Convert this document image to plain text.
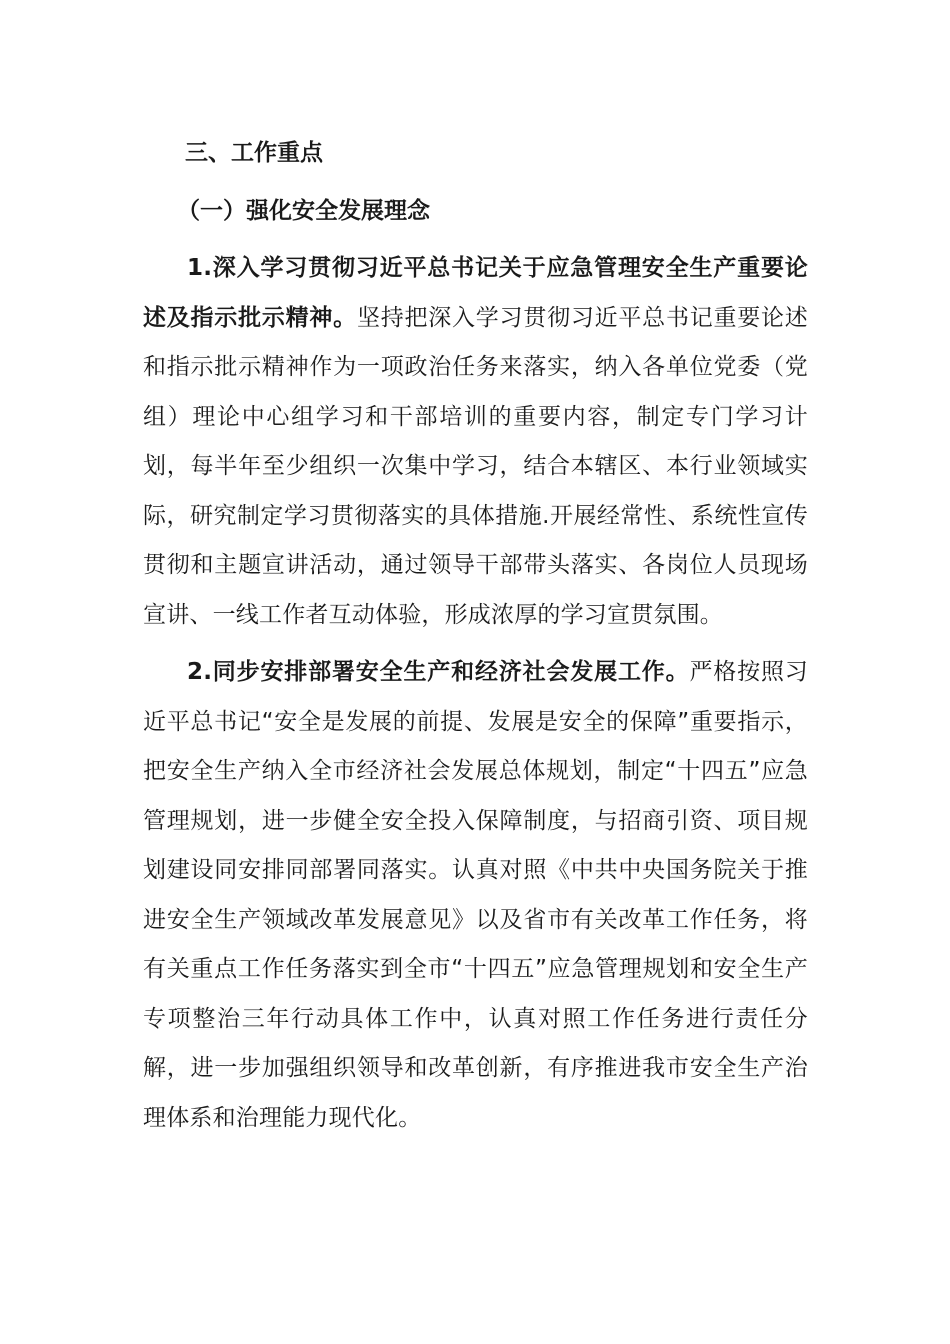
三、工作重点
（一）强化安全发展理念

1.深入学习贯彻习近平总书记关于应急管理安全生产重要论述及指示批示精神。坚持把深入学习贯彻习近平总书记重要论述和指示批示精神作为一项政治任务来落实，纳入各单位党委（党组）理论中心组学习和干部培训的重要内容，制定专门学习计划，每半年至少组织一次集中学习，结合本辖区、本行业领域实际，研究制定学习贯彻落实的具体措施.开展经常性、系统性宣传贯彻和主题宣讲活动，通过领导干部带头落实、各岗位人员现场宣讲、一线工作者互动体验，形成浓厚的学习宣贯氛围。

2.同步安排部署安全生产和经济社会发展工作。严格按照习近平总书记“安全是发展的前提、发展是安全的保障”重要指示，把安全生产纳入全市经济社会发展总体规划，制定“十四五”应急管理规划，进一步健全安全投入保障制度，与招商引资、项目规划建设同安排同部署同落实。认真对照《中共中央国务院关于推进安全生产领域改革发展意见》以及省市有关改革工作任务，将有关重点工作任务落实到全市“十四五”应急管理规划和安全生产专项整治三年行动具体工作中，认真对照工作任务进行责任分解，进一步加强组织领导和改革创新，有序推进我市安全生产治理体系和治理能力现代化。
